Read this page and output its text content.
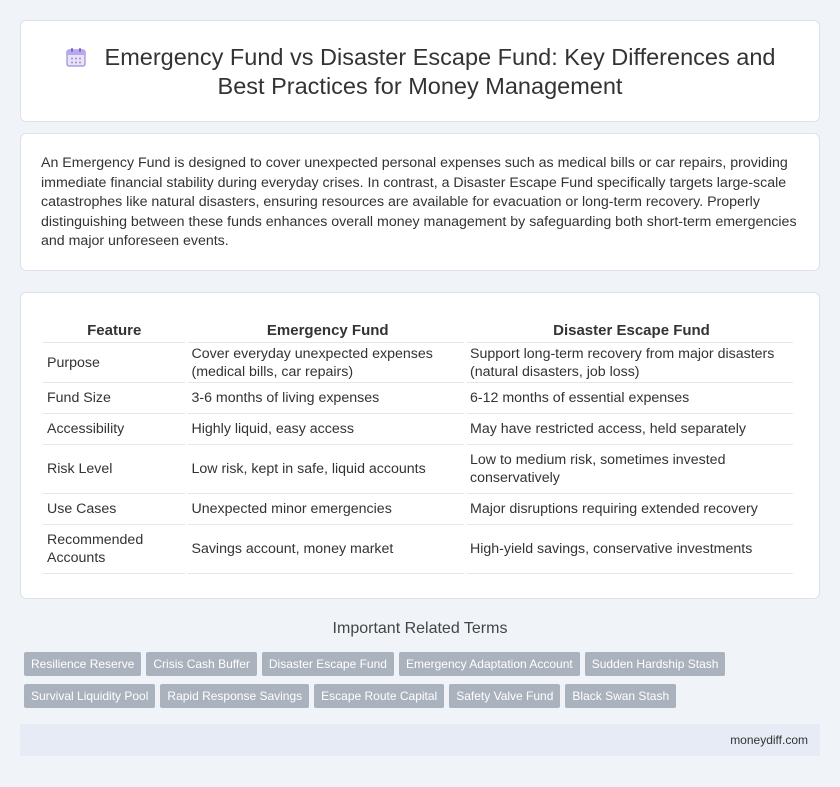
Emergency Fund vs Disaster Escape Fund: Key Differences and Best Practices for Money Management

An Emergency Fund is designed to cover unexpected personal expenses such as medical bills or car repairs, providing immediate financial stability during everyday crises. In contrast, a Disaster Escape Fund specifically targets large-scale catastrophes like natural disasters, ensuring resources are available for evacuation or long-term recovery. Properly distinguishing between these funds enhances overall money management by safeguarding both short-term emergencies and major unforeseen events.

Feature	Emergency Fund	Disaster Escape Fund
Purpose	Cover everyday unexpected expenses (medical bills, car repairs)	Support long-term recovery from major disasters (natural disasters, job loss)
Fund Size	3-6 months of living expenses	6-12 months of essential expenses
Accessibility	Highly liquid, easy access	May have restricted access, held separately
Risk Level	Low risk, kept in safe, liquid accounts	Low to medium risk, sometimes invested conservatively
Use Cases	Unexpected minor emergencies	Major disruptions requiring extended recovery
Recommended Accounts	Savings account, money market	High-yield savings, conservative investments
Important Related Terms
Resilience Reserve Crisis Cash Buffer Disaster Escape Fund Emergency Adaptation Account Sudden Hardship Stash
Survival Liquidity Pool Rapid Response Savings Escape Route Capital Safety Valve Fund Black Swan Stash
moneydiff.com
